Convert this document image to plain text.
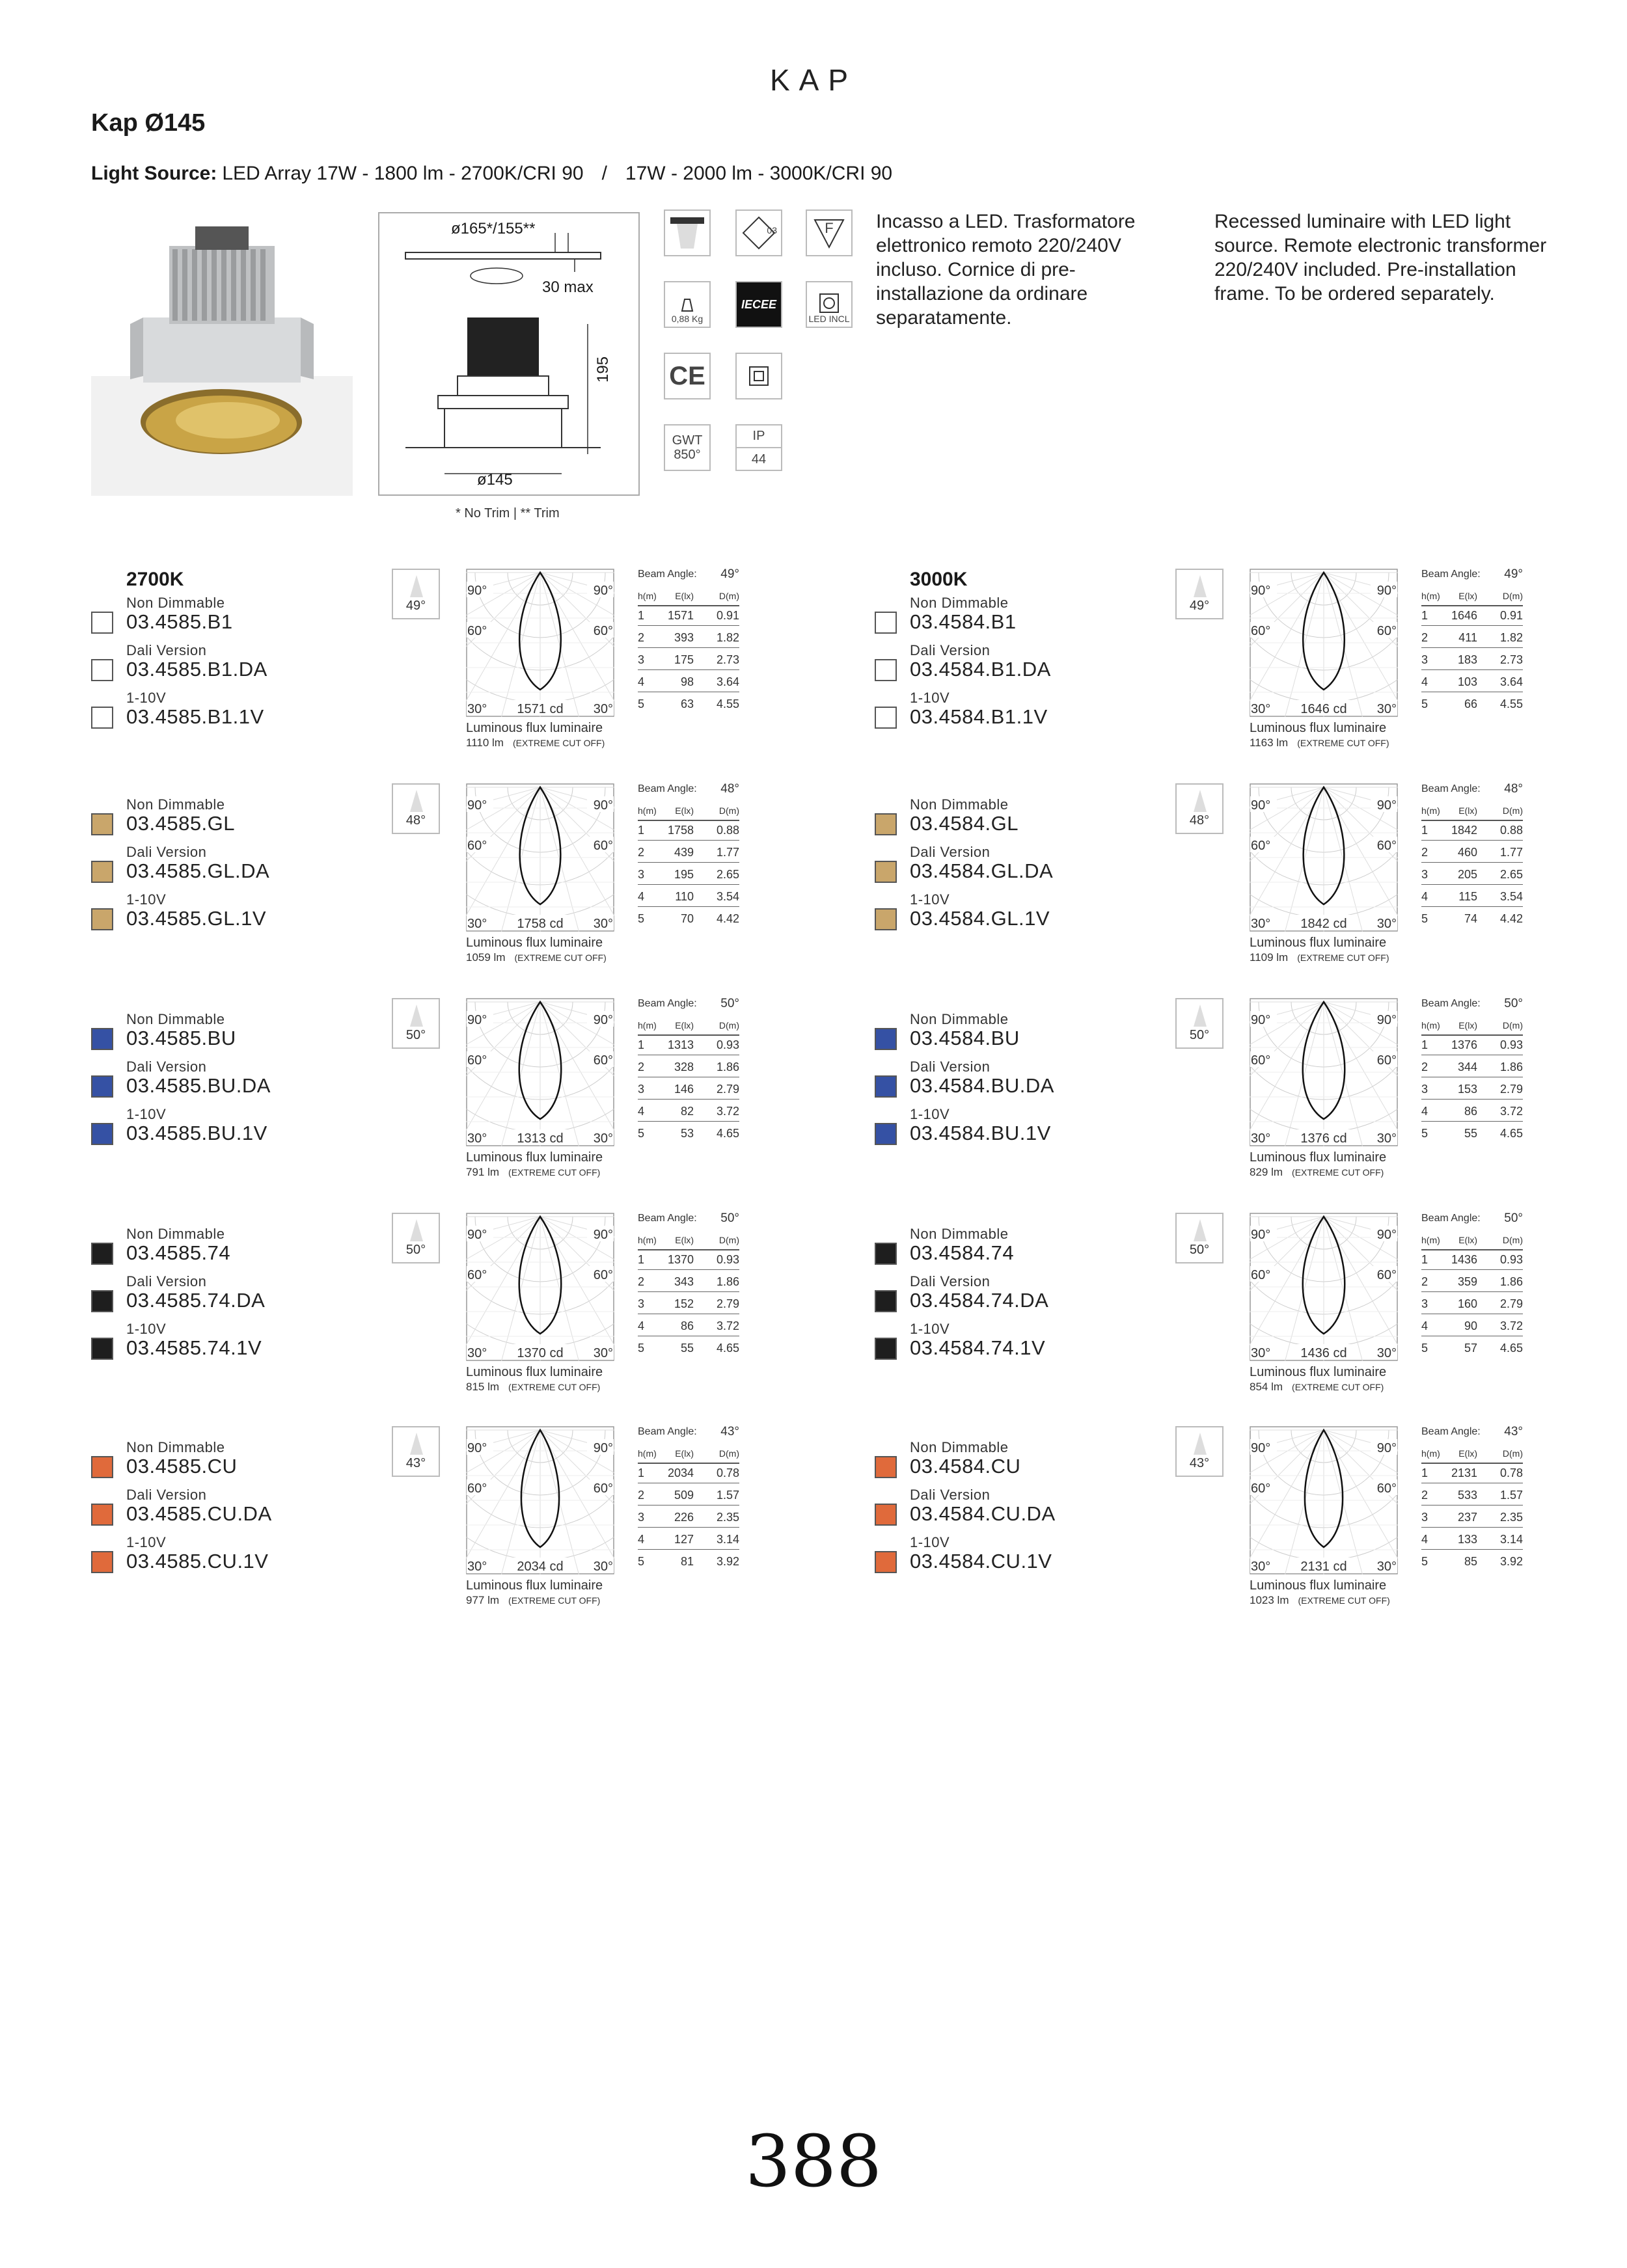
KAP
Kap Ø145
Light Source: LED Array 17W - 1800 lm - 2700K/CRI 90 / 17W - 2000 lm - 3000K/CRI 90
ø165*/155**
30 max
195
ø145
* No Trim | ** Trim
03	F
0,88 Kg
IECEE
LED INCL
CE
GWT
850°
IP
44
Incasso a LED. Trasformatore elettronico remoto 220/240V incluso. Cornice di pre-installazione da ordinare separatamente.
Recessed luminaire with LED light source. Remote electronic transformer 220/240V included. Pre-installation frame. To be ordered separately.
2700K
Non Dimmable
03.4585.B1
Dali Version
03.4585.B1.DA
1-10V
03.4585.B1.1V
49°
90°	90°
60°	60°
30°	30°
1571 cd
Luminous flux luminaire
1110 lm (EXTREME CUT OFF)
Beam Angle: 49°
h(m)	E(lx)	D(m)
1	1571	0.91
2	393	1.82
3	175	2.73
4	98	3.64
5	63	4.55
Non Dimmable
03.4585.GL
Dali Version
03.4585.GL.DA
1-10V
03.4585.GL.1V
48°
90°	90°
60°	60°
30°	30°
1758 cd
Luminous flux luminaire
1059 lm (EXTREME CUT OFF)
Beam Angle: 48°
h(m)	E(lx)	D(m)
1	1758	0.88
2	439	1.77
3	195	2.65
4	110	3.54
5	70	4.42
Non Dimmable
03.4585.BU
Dali Version
03.4585.BU.DA
1-10V
03.4585.BU.1V
50°
90°	90°
60°	60°
30°	30°
1313 cd
Luminous flux luminaire
791 lm (EXTREME CUT OFF)
Beam Angle: 50°
h(m)	E(lx)	D(m)
1	1313	0.93
2	328	1.86
3	146	2.79
4	82	3.72
5	53	4.65
Non Dimmable
03.4585.74
Dali Version
03.4585.74.DA
1-10V
03.4585.74.1V
50°
90°	90°
60°	60°
30°	30°
1370 cd
Luminous flux luminaire
815 lm (EXTREME CUT OFF)
Beam Angle: 50°
h(m)	E(lx)	D(m)
1	1370	0.93
2	343	1.86
3	152	2.79
4	86	3.72
5	55	4.65
Non Dimmable
03.4585.CU
Dali Version
03.4585.CU.DA
1-10V
03.4585.CU.1V
43°
90°	90°
60°	60°
30°	30°
2034 cd
Luminous flux luminaire
977 lm (EXTREME CUT OFF)
Beam Angle: 43°
h(m)	E(lx)	D(m)
1	2034	0.78
2	509	1.57
3	226	2.35
4	127	3.14
5	81	3.92
3000K
Non Dimmable
03.4584.B1
Dali Version
03.4584.B1.DA
1-10V
03.4584.B1.1V
49°
90°	90°
60°	60°
30°	30°
1646 cd
Luminous flux luminaire
1163 lm (EXTREME CUT OFF)
Beam Angle: 49°
h(m)	E(lx)	D(m)
1	1646	0.91
2	411	1.82
3	183	2.73
4	103	3.64
5	66	4.55
Non Dimmable
03.4584.GL
Dali Version
03.4584.GL.DA
1-10V
03.4584.GL.1V
48°
90°	90°
60°	60°
30°	30°
1842 cd
Luminous flux luminaire
1109 lm (EXTREME CUT OFF)
Beam Angle: 48°
h(m)	E(lx)	D(m)
1	1842	0.88
2	460	1.77
3	205	2.65
4	115	3.54
5	74	4.42
Non Dimmable
03.4584.BU
Dali Version
03.4584.BU.DA
1-10V
03.4584.BU.1V
50°
90°	90°
60°	60°
30°	30°
1376 cd
Luminous flux luminaire
829 lm (EXTREME CUT OFF)
Beam Angle: 50°
h(m)	E(lx)	D(m)
1	1376	0.93
2	344	1.86
3	153	2.79
4	86	3.72
5	55	4.65
Non Dimmable
03.4584.74
Dali Version
03.4584.74.DA
1-10V
03.4584.74.1V
50°
90°	90°
60°	60°
30°	30°
1436 cd
Luminous flux luminaire
854 lm (EXTREME CUT OFF)
Beam Angle: 50°
h(m)	E(lx)	D(m)
1	1436	0.93
2	359	1.86
3	160	2.79
4	90	3.72
5	57	4.65
Non Dimmable
03.4584.CU
Dali Version
03.4584.CU.DA
1-10V
03.4584.CU.1V
43°
90°	90°
60°	60°
30°	30°
2131 cd
Luminous flux luminaire
1023 lm (EXTREME CUT OFF)
Beam Angle: 43°
h(m)	E(lx)	D(m)
1	2131	0.78
2	533	1.57
3	237	2.35
4	133	3.14
5	85	3.92
388
